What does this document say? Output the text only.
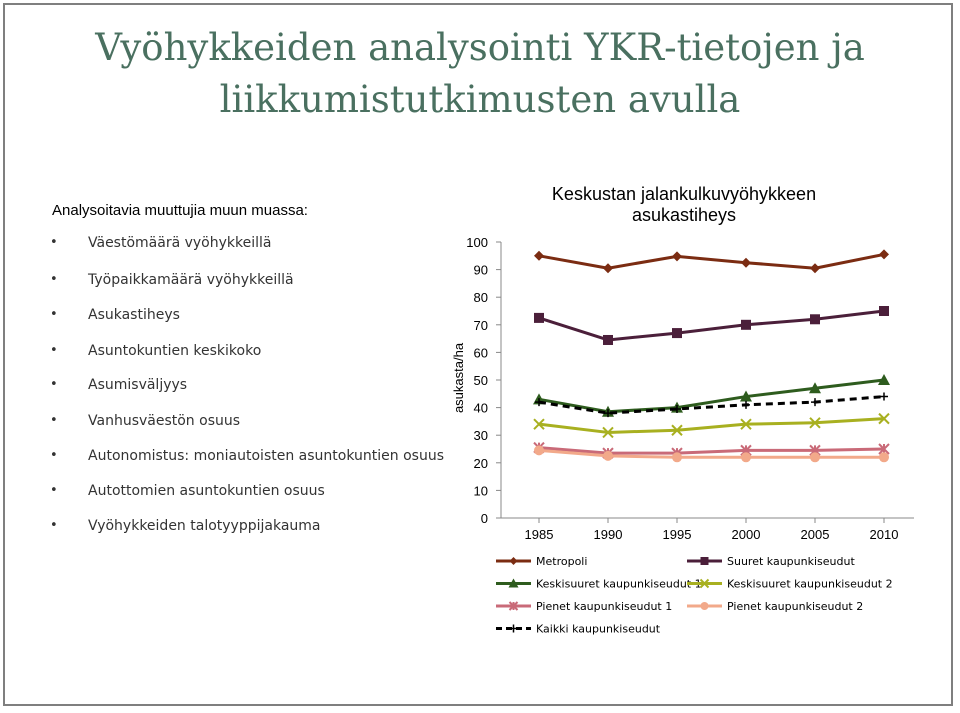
Vyöhykkeiden analysointi YKR-tietojen ja liikkumistutkimusten avulla
Analysoitavia muuttujia muun muassa:
• Väestömäärä vyöhykkeillä
• Työpaikkamäärä vyöhykkeillä
• Asukastiheys
• Asuntokuntien keskikoko
• Asumisväljyys
• Vanhusväestön osuus
• Autonomistus: moniautoisten asuntokuntien osuus
• Autottomien asuntokuntien osuus
• Vyöhykkeiden talotyyppijakauma
Keskustan jalankulkuvyöhykkeen
asukastiheys
asukasta/ha
0
10
20
30
40
50
60
70
80
90
100
1985	1990	1995	2000	2005	2010
Metropoli	Suuret kaupunkiseudut
Keskisuuret kaupunkiseudut 1 Keskisuuret kaupunkiseudut 2
Pienet kaupunkiseudut 1	Pienet kaupunkiseudut 2
Kaikki kaupunkiseudut
